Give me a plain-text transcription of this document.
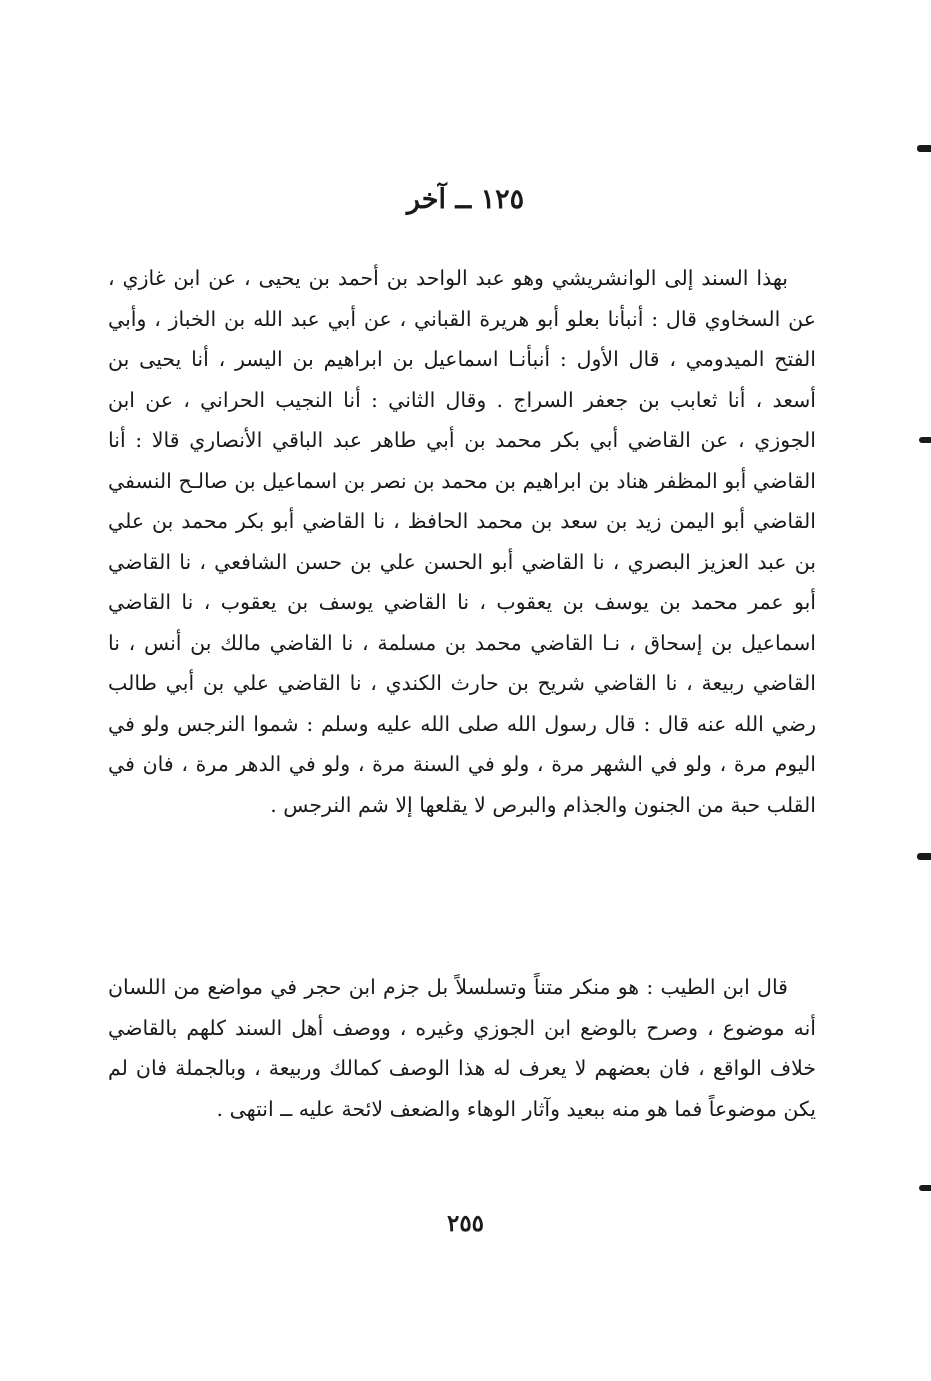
١٢٥ ــ آخر

بهذا السند إلى الوانشريشي وهو عبد الواحد بن أحمد بن يحيى ، عن ابن غازي ، عن السخاوي قال : أنبأنا بعلو أبو هريرة القباني ، عن أبي عبد الله بن الخباز ، وأبي الفتح الميدومي ، قال الأول : أنبأنـا اسماعيل بن ابراهيم بن اليسر ، أنا يحيى بن أسعد ، أنا ثعابب بن جعفر السراج . وقال الثاني : أنا النجيب الحراني ، عن ابن الجوزي ، عن القاضي أبي بكر محمد بن أبي طاهر عبد الباقي الأنصاري قالا : أنا القاضي أبو المظفر هناد بن ابراهيم بن محمد بن نصر بن اسماعيل بن صالـح النسفي القاضي أبو اليمن زيد بن سعد بن محمد الحافظ ، نا القاضي أبو بكر محمد بن علي بن عبد العزيز البصري ، نا القاضي أبو الحسن علي بن حسن الشافعي ، نا القاضي أبو عمر محمد بن يوسف بن يعقوب ، نا القاضي يوسف بن يعقوب ، نا القاضي اسماعيل بن إسحاق ، نـا القاضي محمد بن مسلمة ، نا القاضي مالك بن أنس ، نا القاضي ربيعة ، نا القاضي شريح بن حارث الكندي ، نا القاضي علي بن أبي طالب رضي الله عنه قال : قال رسول الله صلى الله عليه وسلم : شموا النرجس ولو في اليوم مرة ، ولو في الشهر مرة ، ولو في السنة مرة ، ولو في الدهر مرة ، فان في القلب حبة من الجنون والجذام والبرص لا يقلعها إلا شم النرجس .

قال ابن الطيب : هو منكر متناً وتسلسلاً بل جزم ابن حجر في مواضع من اللسان أنه موضوع ، وصرح بالوضع ابن الجوزي وغيره ، ووصف أهل السند كلهم بالقاضي خلاف الواقع ، فان بعضهم لا يعرف له هذا الوصف كمالك وربيعة ، وبالجملة فان لم يكن موضوعاً فما هو منه ببعيد وآثار الوهاء والضعف لائحة عليه ــ انتهى .

٢٥٥
